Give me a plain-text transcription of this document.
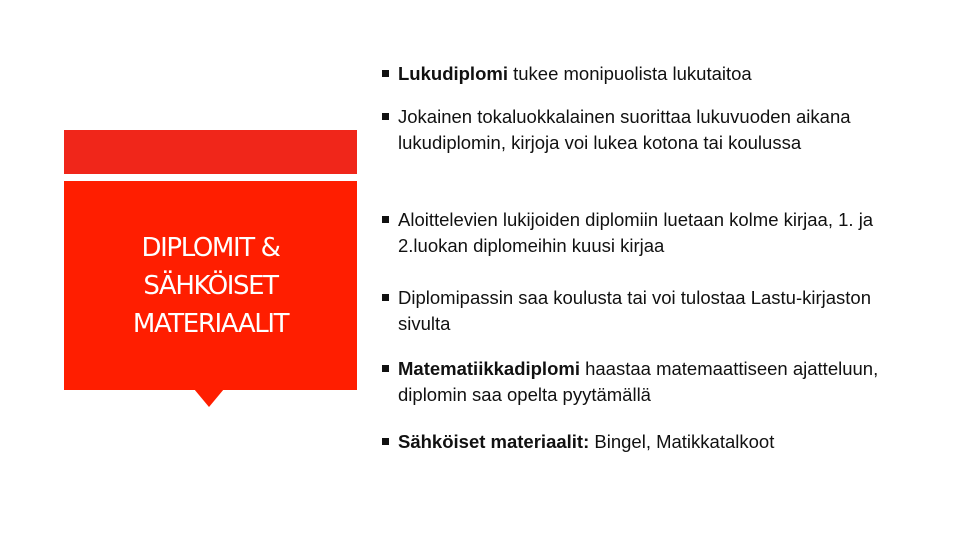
DIPLOMIT &
SÄHKÖISET
MATERIAALIT
Lukudiplomi tukee monipuolista lukutaitoa
Jokainen tokaluokkalainen suorittaa lukuvuoden aikana lukudiplomin, kirjoja voi lukea kotona tai koulussa
Aloittelevien lukijoiden diplomiin luetaan kolme kirjaa, 1. ja 2.luokan diplomeihin kuusi kirjaa
Diplomipassin saa koulusta tai voi tulostaa Lastu-kirjaston sivulta
Matematiikkadiplomi haastaa matemaattiseen ajatteluun, diplomin saa opelta pyytämällä
Sähköiset materiaalit: Bingel, Matikkatalkoot
